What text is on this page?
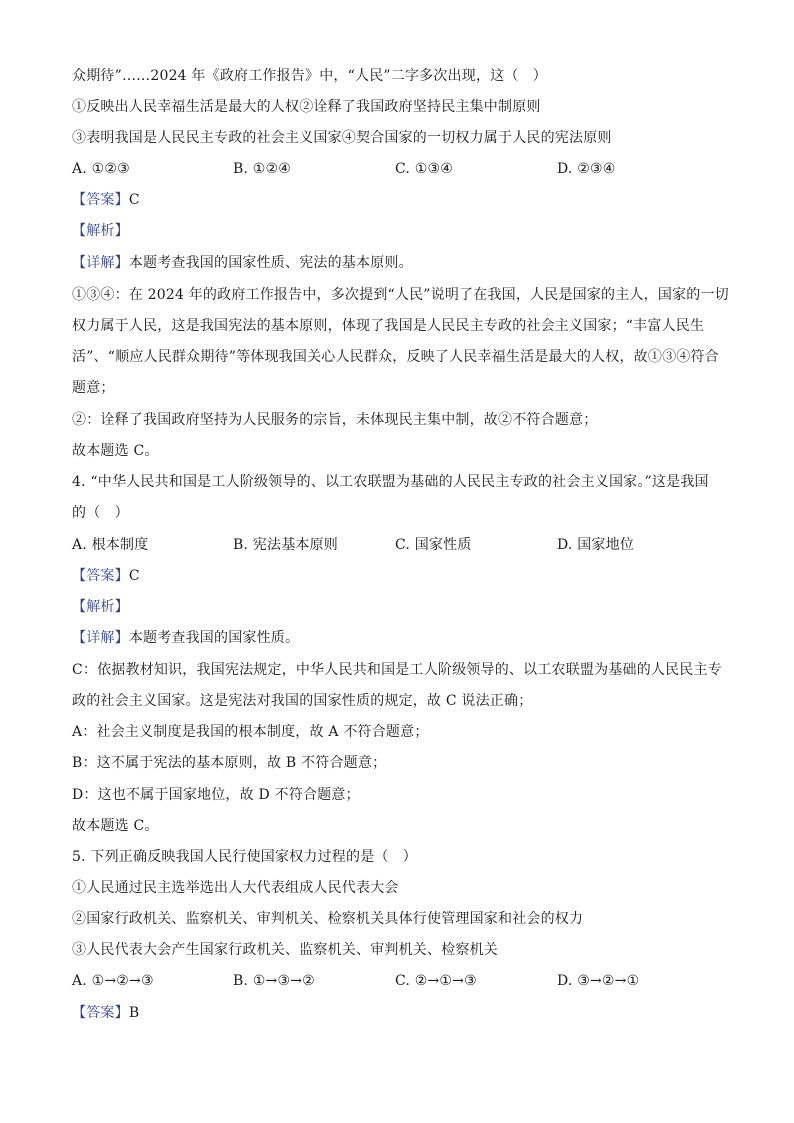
众期待”……2024 年《政府工作报告》中，“人民”二字多次出现，这（　）
①反映出人民幸福生活是最大的人权②诠释了我国政府坚持民主集中制原则
③表明我国是人民民主专政的社会主义国家④契合国家的一切权力属于人民的宪法原则
A. ①②③	B. ①②④	C. ①③④	D. ②③④
【答案】C
【解析】
【详解】本题考查我国的国家性质、宪法的基本原则。
①③④：在 2024 年的政府工作报告中，多次提到“人民”说明了在我国，人民是国家的主人，国家的一切
权力属于人民，这是我国宪法的基本原则，体现了我国是人民民主专政的社会主义国家；“丰富人民生
活”、“顺应人民群众期待”等体现我国关心人民群众，反映了人民幸福生活是最大的人权，故①③④符合
题意；
②：诠释了我国政府坚持为人民服务的宗旨，未体现民主集中制，故②不符合题意；
故本题选 C。
4. “中华人民共和国是工人阶级领导的、以工农联盟为基础的人民民主专政的社会主义国家。”这是我国
的（　）
A. 根本制度	B. 宪法基本原则	C. 国家性质	D. 国家地位
【答案】C
【解析】
【详解】本题考查我国的国家性质。
C：依据教材知识，我国宪法规定，中华人民共和国是工人阶级领导的、以工农联盟为基础的人民民主专
政的社会主义国家。这是宪法对我国的国家性质的规定，故 C 说法正确；
A：社会主义制度是我国的根本制度，故 A 不符合题意；
B：这不属于宪法的基本原则，故 B 不符合题意；
D：这也不属于国家地位，故 D 不符合题意；
故本题选 C。
5. 下列正确反映我国人民行使国家权力过程的是（　）
①人民通过民主选举选出人大代表组成人民代表大会
②国家行政机关、监察机关、审判机关、检察机关具体行使管理国家和社会的权力
③人民代表大会产生国家行政机关、监察机关、审判机关、检察机关
A. ①→②→③	B. ①→③→②	C. ②→①→③	D. ③→②→①
【答案】B
